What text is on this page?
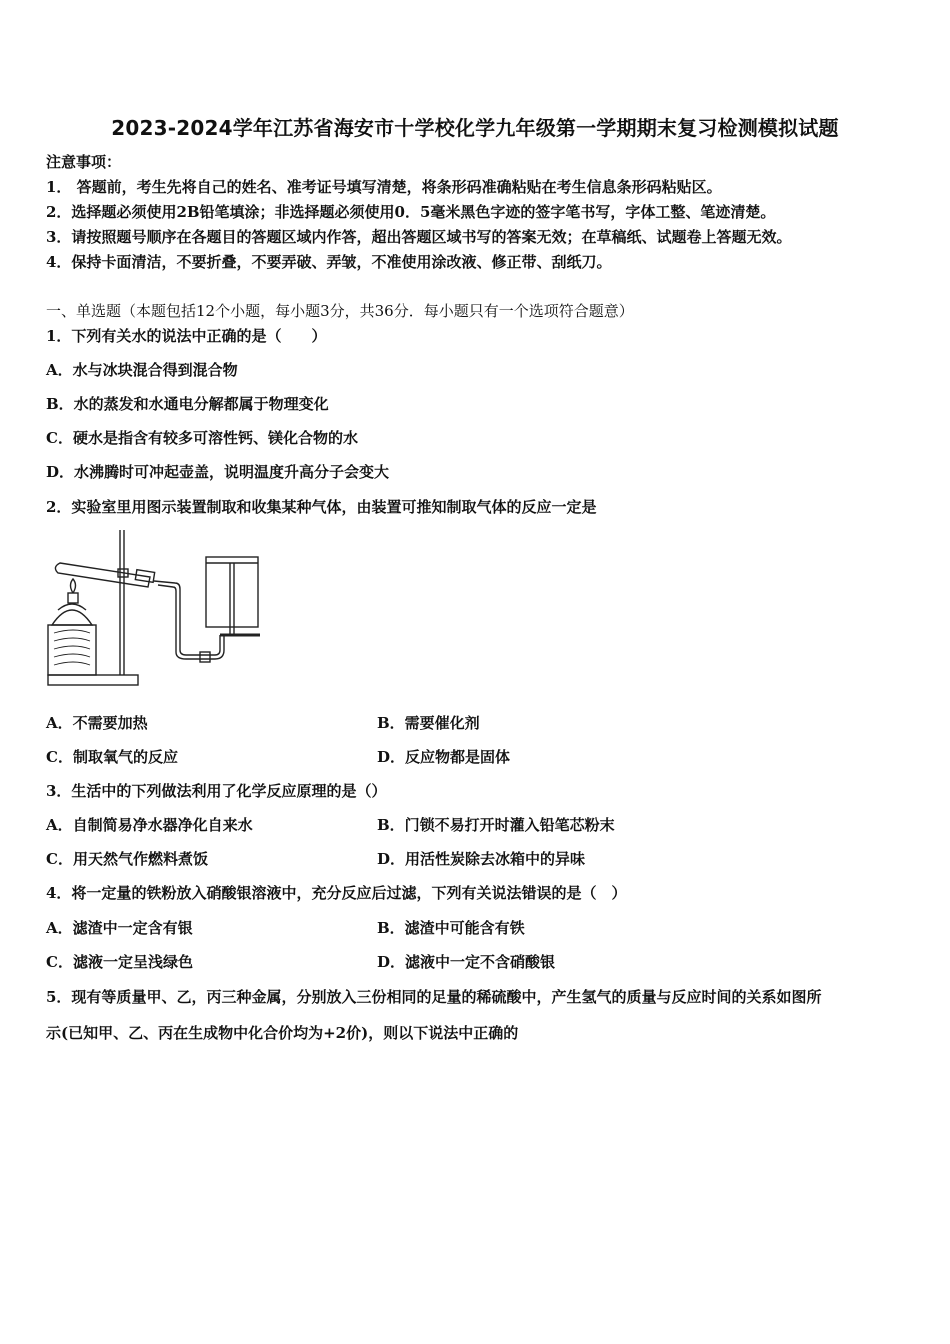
2023-2024学年江苏省海安市十学校化学九年级第一学期期末复习检测模拟试题
注意事项：
1． 答题前，考生先将自己的姓名、准考证号填写清楚，将条形码准确粘贴在考生信息条形码粘贴区。
2．选择题必须使用2B铅笔填涂；非选择题必须使用0．5毫米黑色字迹的签字笔书写，字体工整、笔迹清楚。
3．请按照题号顺序在各题目的答题区域内作答，超出答题区域书写的答案无效；在草稿纸、试题卷上答题无效。
4．保持卡面清洁，不要折叠，不要弄破、弄皱，不准使用涂改液、修正带、刮纸刀。
一、单选题（本题包括12个小题，每小题3分，共36分．每小题只有一个选项符合题意）
1．下列有关水的说法中正确的是（　　）
A．水与冰块混合得到混合物
B．水的蒸发和水通电分解都属于物理变化
C．硬水是指含有较多可溶性钙、镁化合物的水
D．水沸腾时可冲起壶盖，说明温度升高分子会变大
2．实验室里用图示装置制取和收集某种气体，由装置可推知制取气体的反应一定是
A．不需要加热	B．需要催化剂
C．制取氧气的反应	D．反应物都是固体
3．生活中的下列做法利用了化学反应原理的是（）
A．自制简易净水器净化自来水	B．门锁不易打开时灌入铅笔芯粉末
C．用天然气作燃料煮饭	D．用活性炭除去冰箱中的异味
4．将一定量的铁粉放入硝酸银溶液中，充分反应后过滤，下列有关说法错误的是（　）
A．滤渣中一定含有银	B．滤渣中可能含有铁
C．滤液一定呈浅绿色	D．滤液中一定不含硝酸银
5．现有等质量甲、乙，丙三种金属，分别放入三份相同的足量的稀硫酸中，产生氢气的质量与反应时间的关系如图所
示(已知甲、乙、丙在生成物中化合价均为+2价)，则以下说法中正确的
